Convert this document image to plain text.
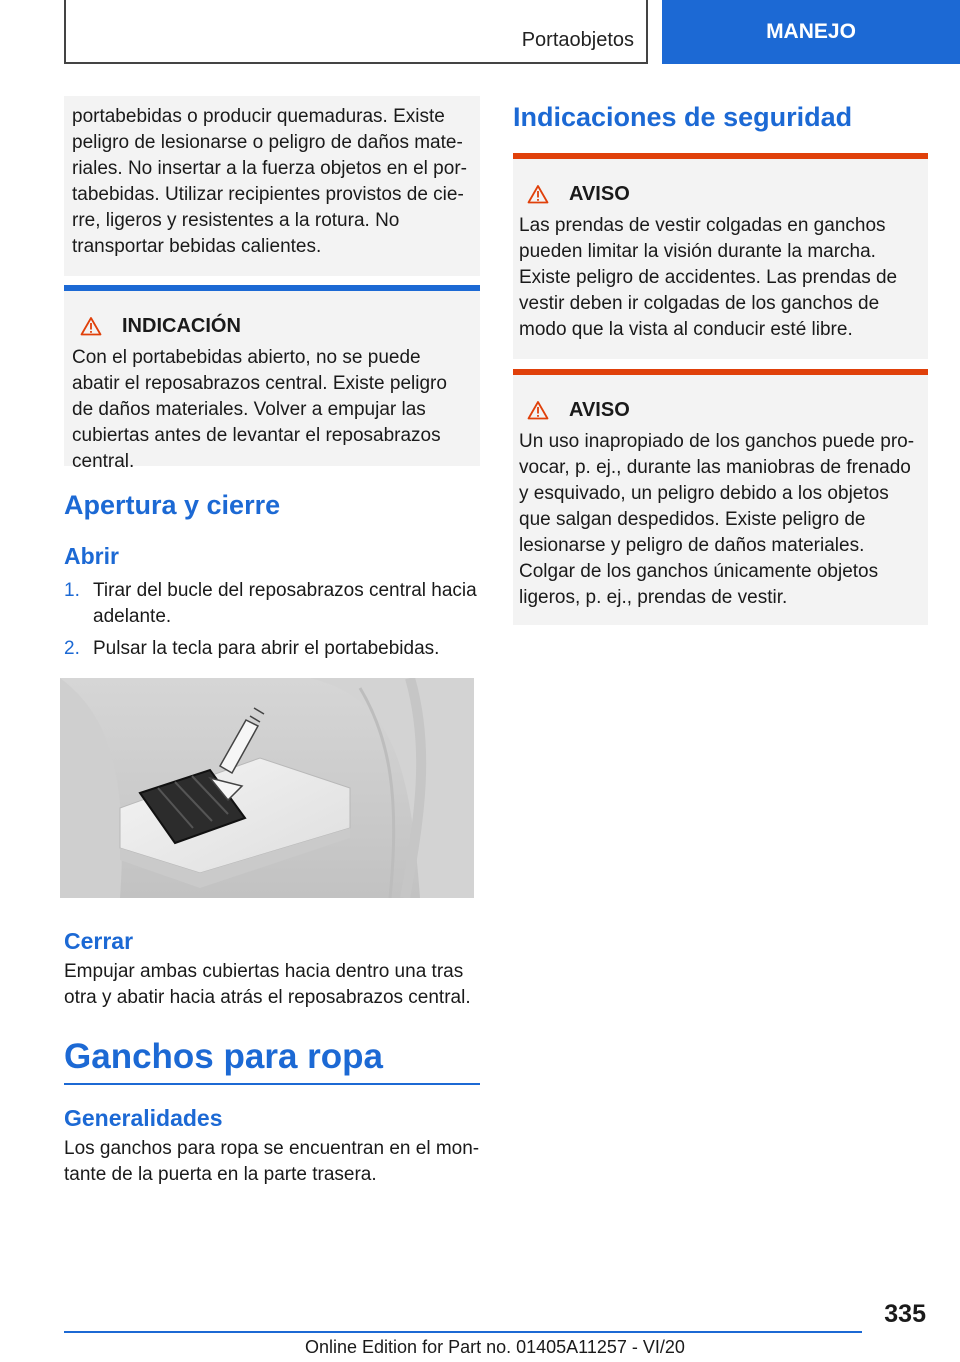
Portaobjetos	MANEJO

portabebidas o producir quemaduras. Existe peligro de lesionarse o peligro de daños materiales. No insertar a la fuerza objetos en el portabebidas. Utilizar recipientes provistos de cierre, ligeros y resistentes a la rotura. No transportar bebidas calientes.

INDICACIÓN

Con el portabebidas abierto, no se puede abatir el reposabrazos central. Existe peligro de daños materiales. Volver a empujar las cubiertas antes de levantar el reposabrazos central.

Apertura y cierre
Abrir
1. Tirar del bucle del reposabrazos central hacia adelante.
2. Pulsar la tecla para abrir el portabebidas.
Cerrar

Empujar ambas cubiertas hacia dentro una tras otra y abatir hacia atrás el reposabrazos central.

Ganchos para ropa
Generalidades

Los ganchos para ropa se encuentran en el montante de la puerta en la parte trasera.

Indicaciones de seguridad
AVISO

Las prendas de vestir colgadas en ganchos pueden limitar la visión durante la marcha. Existe peligro de accidentes. Las prendas de vestir deben ir colgadas de los ganchos de modo que la vista al conducir esté libre.

AVISO

Un uso inapropiado de los ganchos puede provocar, p. ej., durante las maniobras de frenado y esquivado, un peligro debido a los objetos que salgan despedidos. Existe peligro de lesionarse y peligro de daños materiales. Colgar de los ganchos únicamente objetos ligeros, p. ej., prendas de vestir.

335
Online Edition for Part no. 01405A11257 - VI/20
